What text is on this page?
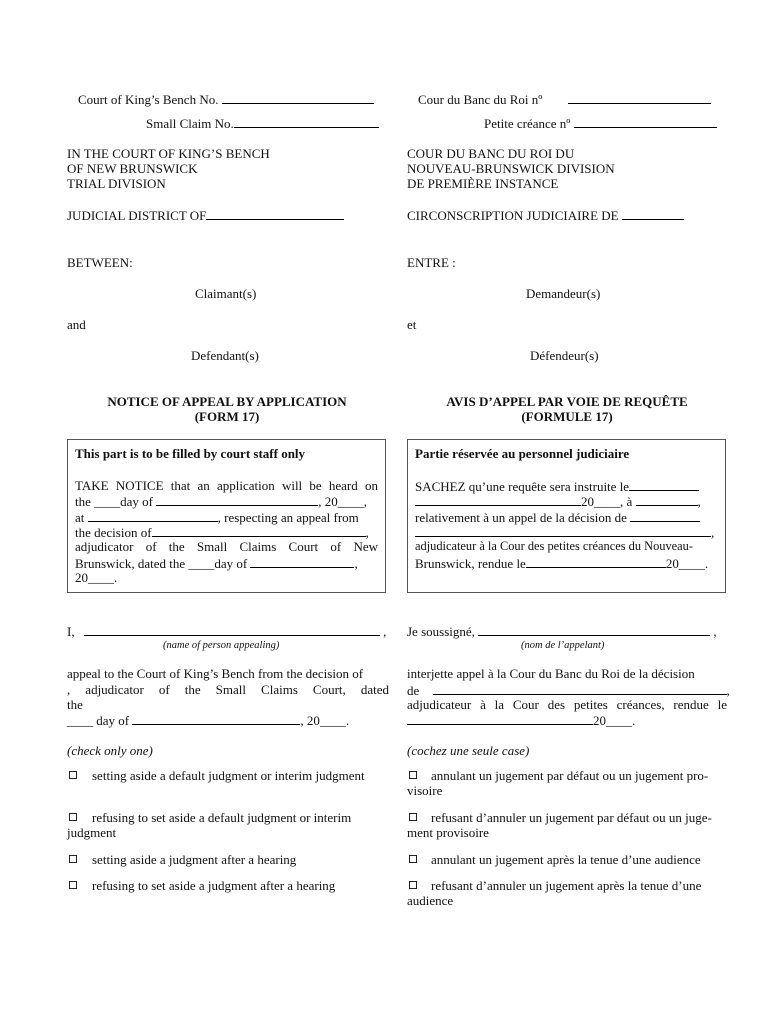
Court of King’s Bench No.
Small Claim No.
Cour du Banc du Roi nº
Petite créance nº
IN THE COURT OF KING’S BENCH
OF NEW BRUNSWICK
TRIAL DIVISION
COUR DU BANC DU ROI DU
NOUVEAU-BRUNSWICK DIVISION
DE PREMIÈRE INSTANCE
JUDICIAL DISTRICT OF	CIRCONSCRIPTION JUDICIAIRE DE
BETWEEN:	ENTRE :
Claimant(s)	Demandeur(s)
and	et
Defendant(s)	Défendeur(s)
NOTICE OF APPEAL BY APPLICATION
(FORM 17)
AVIS D’APPEL PAR VOIE DE REQUÊTE
(FORMULE 17)
This part is to be filled by court staff only
TAKE NOTICE that an application will be heard on
the ____day of	, 20____,
at	, respecting an appeal from
the decision of	,
adjudicator of the Small Claims Court of New
Brunswick, dated the ____day of	,
20____.
Partie réservée au personnel judiciaire
SACHEZ qu’une requête sera instruite le
20____, à	,
relativement à un appel de la décision de
,
adjudicateur à la Cour des petites créances du Nouveau-
Brunswick, rendue le	20____.
I,	,
(name of person appealing)
Je soussigné,	,
(nom de l’appelant)
appeal to the Court of King’s Bench from the decision of
, adjudicator of the Small Claims Court, dated
the
____ day of	, 20____.
interjette appel à la Cour du Banc du Roi de la décision
de	,
adjudicateur à la Cour des petites créances, rendue le
20____.
(check only one)	(cochez une seule case)
setting aside a default judgment or interim judgment
refusing to set aside a default judgment or interim
judgment
setting aside a judgment after a hearing
refusing to set aside a judgment after a hearing
annulant un jugement par défaut ou un jugement pro-
visoire
refusant d’annuler un jugement par défaut ou un juge-
ment provisoire
annulant un jugement après la tenue d’une audience
refusant d’annuler un jugement après la tenue d’une
audience
